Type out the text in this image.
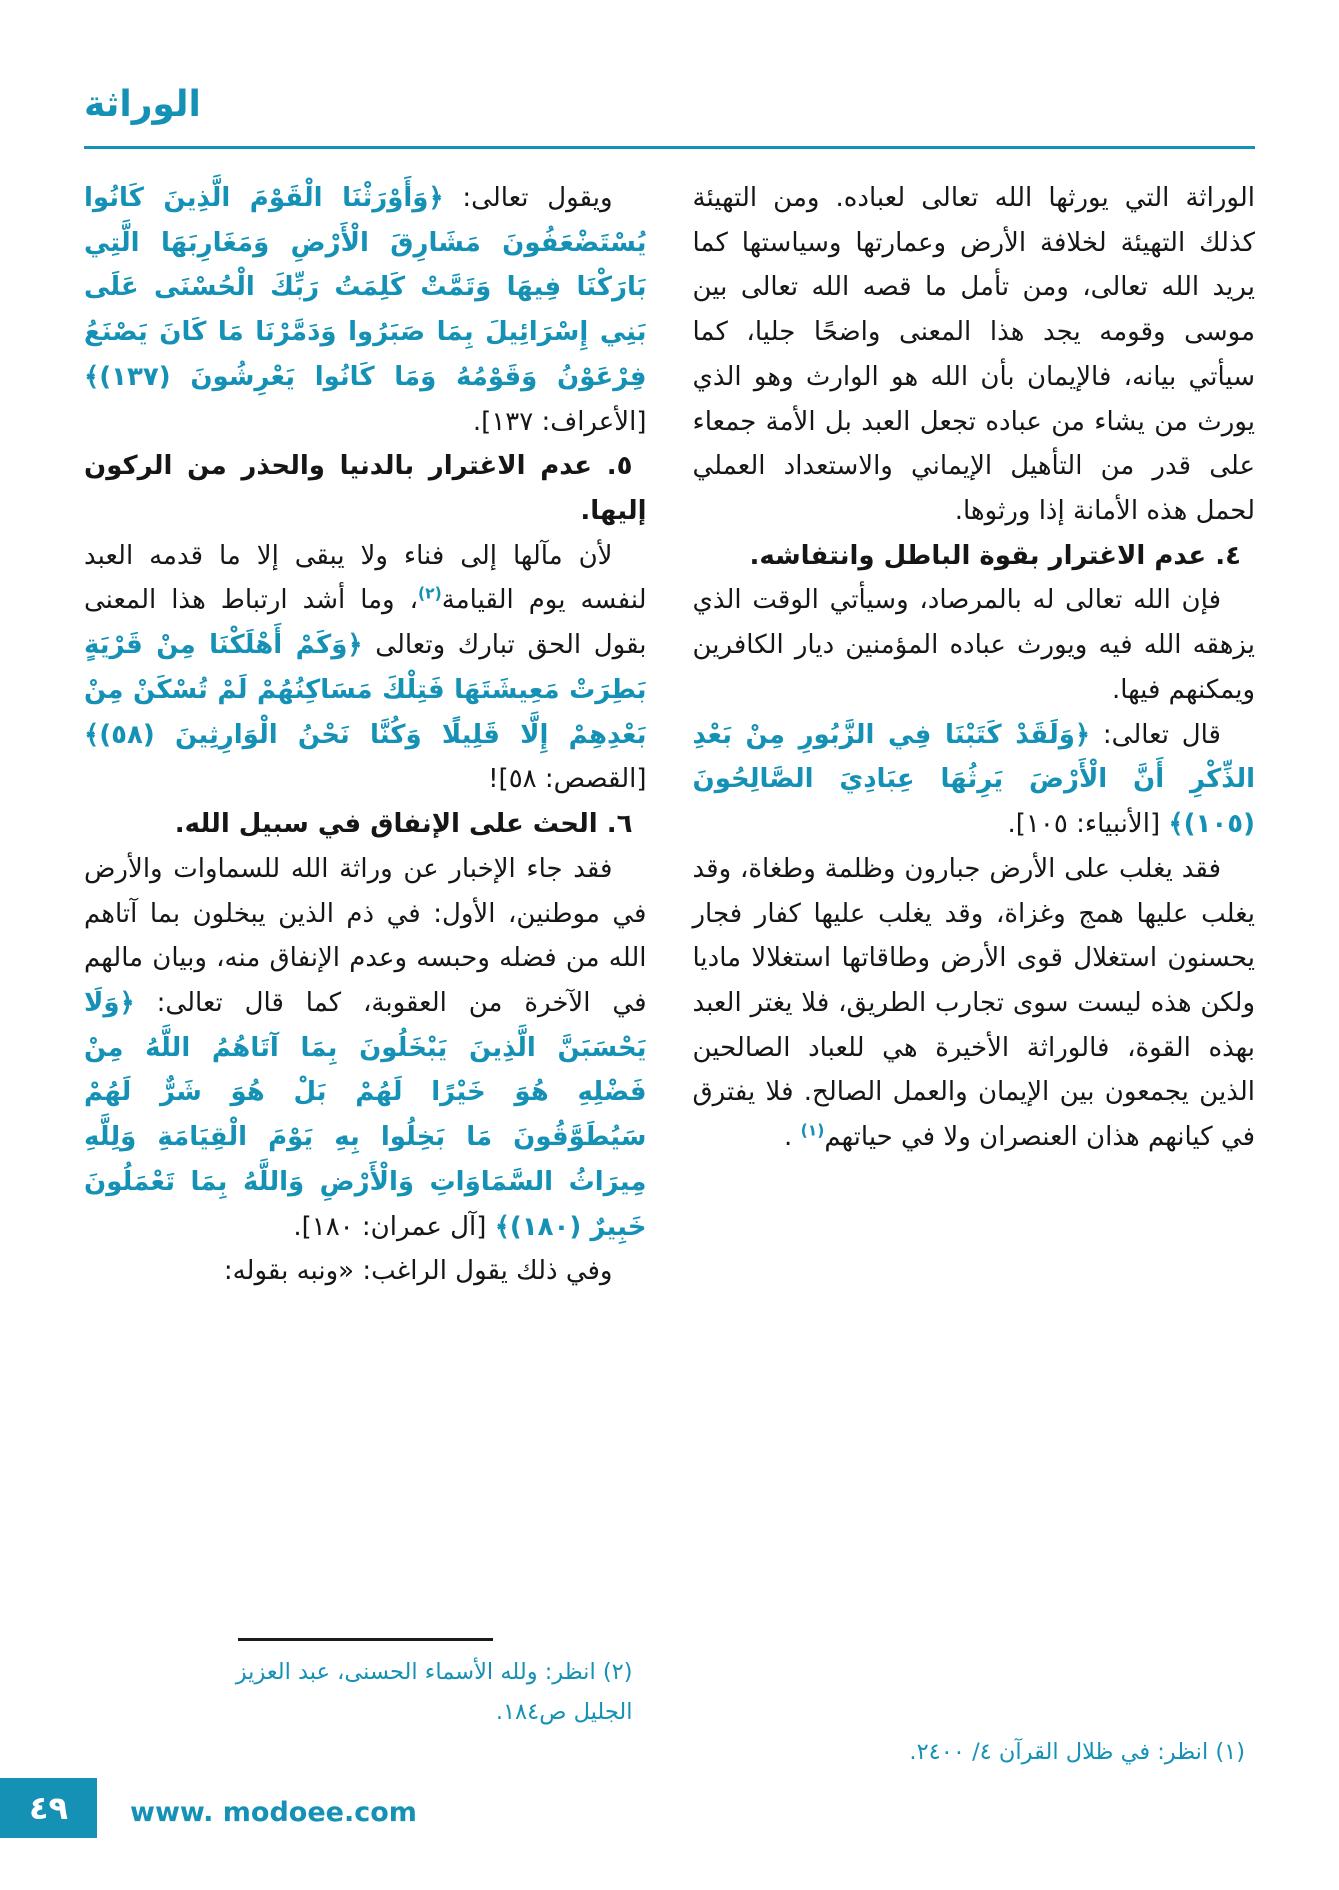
الوراثة

الوراثة التي يورثها الله تعالى لعباده. ومن التهيئة كذلك التهيئة لخلافة الأرض وعمارتها وسياستها كما يريد الله تعالى، ومن تأمل ما قصه الله تعالى بين موسى وقومه يجد هذا المعنى واضحًا جليا، كما سيأتي بيانه، فالإيمان بأن الله هو الوارث وهو الذي يورث من يشاء من عباده تجعل العبد بل الأمة جمعاء على قدر من التأهيل الإيماني والاستعداد العملي لحمل هذه الأمانة إذا ورثوها.

٤. عدم الاغترار بقوة الباطل وانتفاشه.

فإن الله تعالى له بالمرصاد، وسيأتي الوقت الذي يزهقه الله فيه ويورث عباده المؤمنين ديار الكافرين ويمكنهم فيها.

قال تعالى: ﴿وَلَقَدْ كَتَبْنَا فِي الزَّبُورِ مِنْ بَعْدِ الذِّكْرِ أَنَّ الْأَرْضَ يَرِثُهَا عِبَادِيَ الصَّالِحُونَ (١٠٥)﴾ [الأنبياء: ١٠٥].

فقد يغلب على الأرض جبارون وظلمة وطغاة، وقد يغلب عليها همج وغزاة، وقد يغلب عليها كفار فجار يحسنون استغلال قوى الأرض وطاقاتها استغلالا ماديا ولكن هذه ليست سوى تجارب الطريق، فلا يغتر العبد بهذه القوة، فالوراثة الأخيرة هي للعباد الصالحين الذين يجمعون بين الإيمان والعمل الصالح. فلا يفترق في كيانهم هذان العنصران ولا في حياتهم$^{(١)}$ .

(١) انظر: في ظلال القرآن ٤/ ٢٤٠٠.

ويقول تعالى: ﴿وَأَوْرَثْنَا الْقَوْمَ الَّذِينَ كَانُوا يُسْتَضْعَفُونَ مَشَارِقَ الْأَرْضِ وَمَغَارِبَهَا الَّتِي بَارَكْنَا فِيهَا وَتَمَّتْ كَلِمَتُ رَبِّكَ الْحُسْنَى عَلَى بَنِي إِسْرَائِيلَ بِمَا صَبَرُوا وَدَمَّرْنَا مَا كَانَ يَصْنَعُ فِرْعَوْنُ وَقَوْمُهُ وَمَا كَانُوا يَعْرِشُونَ (١٣٧)﴾ [الأعراف: ١٣٧].

٥. عدم الاغترار بالدنيا والحذر من الركون إليها.

لأن مآلها إلى فناء ولا يبقى إلا ما قدمه العبد لنفسه يوم القيامة$^{(٢)}$، وما أشد ارتباط هذا المعنى بقول الحق تبارك وتعالى ﴿وَكَمْ أَهْلَكْنَا مِنْ قَرْيَةٍ بَطِرَتْ مَعِيشَتَهَا فَتِلْكَ مَسَاكِنُهُمْ لَمْ تُسْكَنْ مِنْ بَعْدِهِمْ إِلَّا قَلِيلًا وَكُنَّا نَحْنُ الْوَارِثِينَ (٥٨)﴾ [القصص: ٥٨]!

٦. الحث على الإنفاق في سبيل الله.

فقد جاء الإخبار عن وراثة الله للسماوات والأرض في موطنين، الأول: في ذم الذين يبخلون بما آتاهم الله من فضله وحبسه وعدم الإنفاق منه، وبيان مالهم في الآخرة من العقوبة، كما قال تعالى: ﴿وَلَا يَحْسَبَنَّ الَّذِينَ يَبْخَلُونَ بِمَا آتَاهُمُ اللَّهُ مِنْ فَضْلِهِ هُوَ خَيْرًا لَهُمْ بَلْ هُوَ شَرٌّ لَهُمْ سَيُطَوَّقُونَ مَا بَخِلُوا بِهِ يَوْمَ الْقِيَامَةِ وَلِلَّهِ مِيرَاثُ السَّمَاوَاتِ وَالْأَرْضِ وَاللَّهُ بِمَا تَعْمَلُونَ خَبِيرٌ (١٨٠)﴾ [آل عمران: ١٨٠].

وفي ذلك يقول الراغب: «ونبه بقوله:

(٢) انظر: ولله الأسماء الحسنى، عبد العزيز الجليل ص١٨٤.

٤٩ www. modoee.com
